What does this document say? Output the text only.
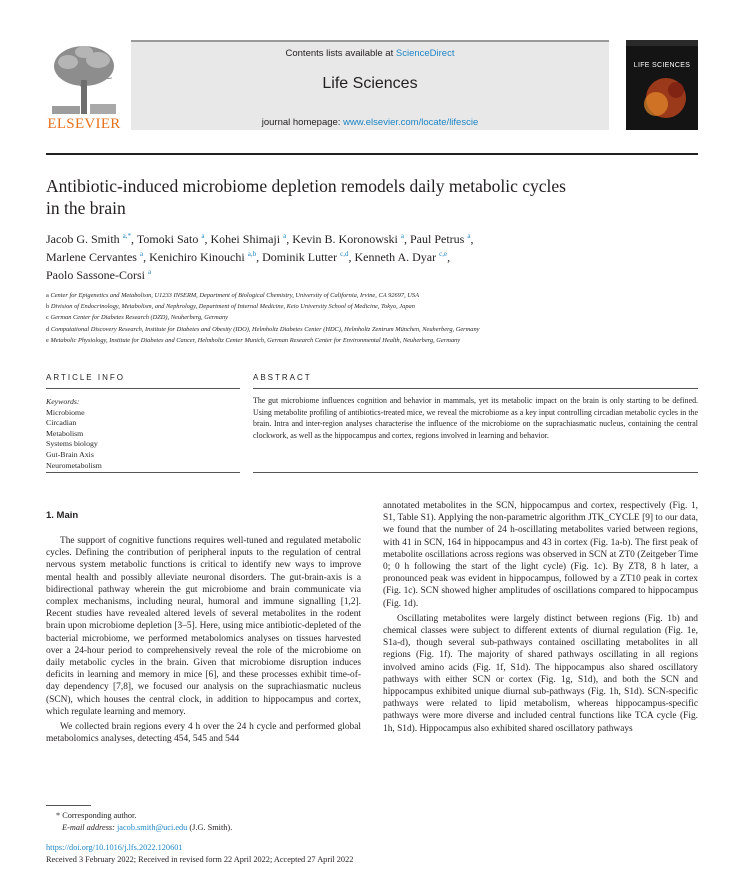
ELSEVIER
Contents lists available at ScienceDirect
Life Sciences
journal homepage: www.elsevier.com/locate/lifescie
LIFE SCIENCES
Antibiotic-induced microbiome depletion remodels daily metabolic cycles
in the brain
Jacob G. Smith $^{a,*}$, Tomoki Sato $^a$, Kohei Shimaji $^a$, Kevin B. Koronowski $^a$, Paul Petrus $^a$,
Marlene Cervantes $^a$, Kenichiro Kinouchi $^{a,b}$, Dominik Lutter $^{c,d}$, Kenneth A. Dyar $^{c,e}$,
Paolo Sassone-Corsi $^a$
a Center for Epigenetics and Metabolism, U1233 INSERM, Department of Biological Chemistry, University of California, Irvine, CA 92697, USA
b Division of Endocrinology, Metabolism, and Nephrology, Department of Internal Medicine, Keio University School of Medicine, Tokyo, Japan
c German Center for Diabetes Research (DZD), Neuherberg, Germany
d Computational Discovery Research, Institute for Diabetes and Obesity (IDO), Helmholtz Diabetes Center (HDC), Helmholtz Zentrum München, Neuherberg, Germany
e Metabolic Physiology, Institute for Diabetes and Cancer, Helmholtz Center Munich, German Research Center for Environmental Health, Neuherberg, Germany
ARTICLE INFO	ABSTRACT
Keywords:
Microbiome
Circadian
Metabolism
Systems biology
Gut-Brain Axis
Neurometabolism
The gut microbiome influences cognition and behavior in mammals, yet its metabolic impact on the brain is only starting to be defined. Using metabolite profiling of antibiotics-treated mice, we reveal the microbiome as a key input controlling circadian metabolic cycles in the brain. Intra and inter-region analyses characterise the influence of the microbiome on the suprachiasmatic nucleus, containing the central clockwork, as well as the hippocampus and cortex, regions involved in learning and behavior.
1. Main

The support of cognitive functions requires well-tuned and regulated metabolic cycles. Defining the contribution of peripheral inputs to the regulation of central nervous system metabolic functions is critical to identify new ways to improve mental health and possibly alleviate neuronal disorders. The gut-brain-axis is a bidirectional pathway wherein the gut microbiome and brain communicate via complex mechanisms, including neural, humoral and immune signalling [1,2]. Recent studies have revealed altered levels of several metabolites in the rodent brain upon microbiome depletion [3–5]. Here, using mice antibiotic-depleted of the bacterial microbiome, we performed metabolomics analyses on tissues harvested over a 24-hour period to comprehensively reveal the role of the microbiome on daily metabolic cycles in the brain. Given that microbiome disruption induces deficits in learning and memory in mice [6], and these processes exhibit time-of-day dependency [7,8], we focused our analysis on the suprachiasmatic nucleus (SCN), which houses the central clock, in addition to hippocampus and cortex, which regulate learning and memory.

We collected brain regions every 4 h over the 24 h cycle and performed global metabolomics analyses, detecting 454, 545 and 544

annotated metabolites in the SCN, hippocampus and cortex, respectively (Fig. 1, S1, Table S1). Applying the non-parametric algorithm JTK_CYCLE [9] to our data, we found that the number of 24 h-oscillating metabolites varied between regions, with 41 in SCN, 164 in hippocampus and 43 in cortex (Fig. 1a-b). The first peak of metabolite oscillations across regions was observed in SCN at ZT0 (Zeitgeber Time 0; 0 h following the start of the light cycle) (Fig. 1c). By ZT8, 8 h later, a pronounced peak was evident in hippocampus, followed by a ZT10 peak in cortex (Fig. 1c). SCN showed higher amplitudes of oscillations compared to hippocampus (Fig. 1d).

Oscillating metabolites were largely distinct between regions (Fig. 1b) and chemical classes were subject to different extents of diurnal regulation (Fig. 1e, S1a-d), though several sub-pathways contained oscillating metabolites in all regions (Fig. 1f). The majority of shared pathways oscillating in all regions involved amino acids (Fig. 1f, S1d). The hippocampus also shared oscillatory pathways with either SCN or cortex (Fig. 1g, S1d), and both the SCN and hippocampus exhibited unique diurnal sub-pathways (Fig. 1h, S1d). SCN-specific pathways were related to lipid metabolism, whereas hippocampus-specific pathways were more diverse and included central functions like TCA cycle (Fig. 1h, S1d). Hippocampus also exhibited shared oscillatory pathways

* Corresponding author.
E-mail address: jacob.smith@uci.edu (J.G. Smith).
https://doi.org/10.1016/j.lfs.2022.120601
Received 3 February 2022; Received in revised form 22 April 2022; Accepted 27 April 2022
